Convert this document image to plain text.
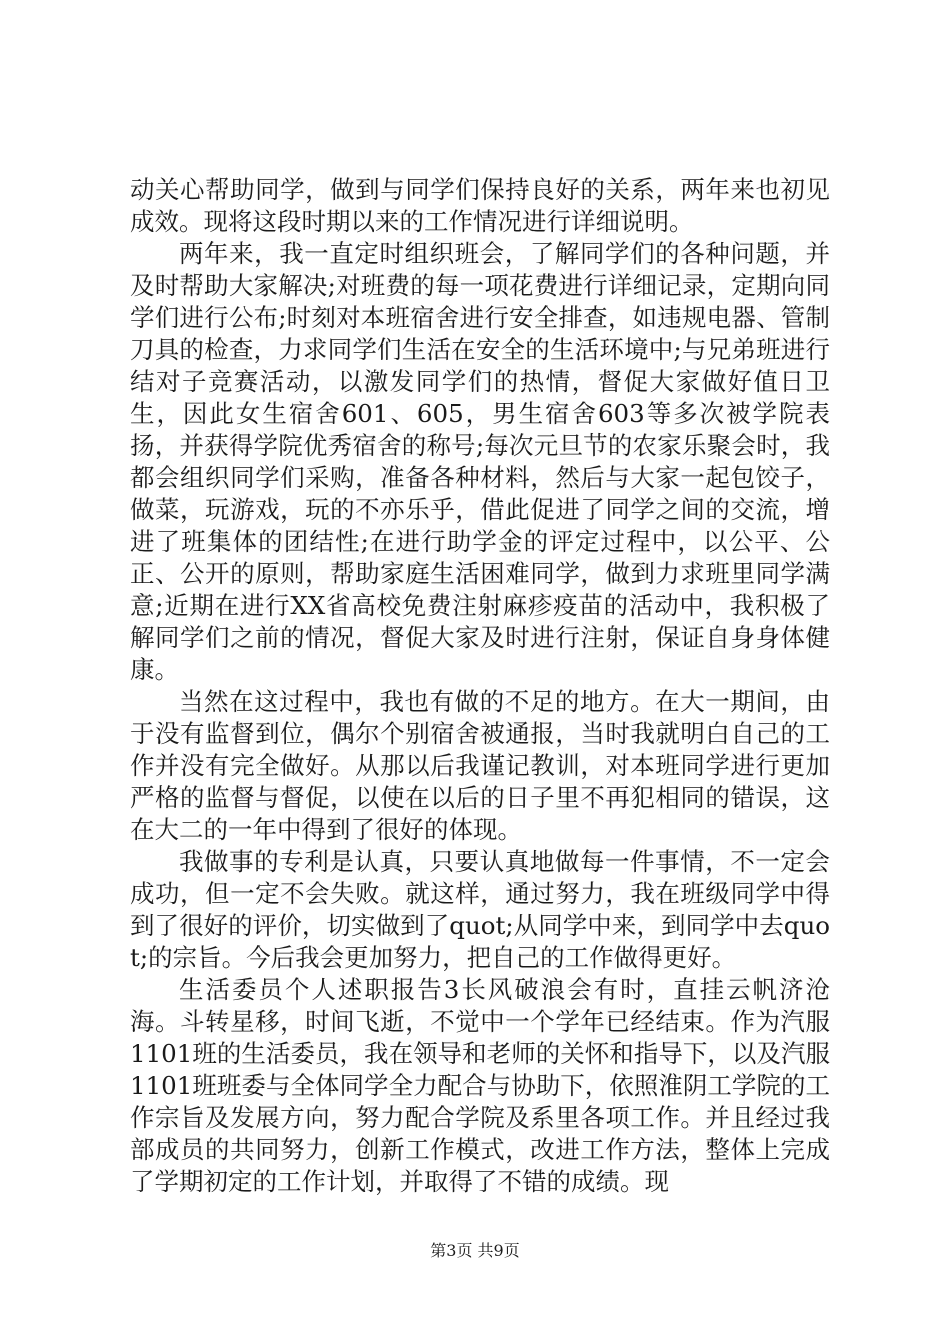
动关心帮助同学，做到与同学们保持良好的关系，两年来也初见成效。现将这段时期以来的工作情况进行详细说明。

两年来，我一直定时组织班会，了解同学们的各种问题，并及时帮助大家解决;对班费的每一项花费进行详细记录，定期向同学们进行公布;时刻对本班宿舍进行安全排查，如违规电器、管制刀具的检查，力求同学们生活在安全的生活环境中;与兄弟班进行结对子竞赛活动，以激发同学们的热情，督促大家做好值日卫生，因此女生宿舍601、605，男生宿舍603等多次被学院表扬，并获得学院优秀宿舍的称号;每次元旦节的农家乐聚会时，我都会组织同学们采购，准备各种材料，然后与大家一起包饺子，做菜，玩游戏，玩的不亦乐乎，借此促进了同学之间的交流，增进了班集体的团结性;在进行助学金的评定过程中，以公平、公正、公开的原则，帮助家庭生活困难同学，做到力求班里同学满意;近期在进行XX省高校免费注射麻疹疫苗的活动中，我积极了解同学们之前的情况，督促大家及时进行注射，保证自身身体健康。

当然在这过程中，我也有做的不足的地方。在大一期间，由于没有监督到位，偶尔个别宿舍被通报，当时我就明白自己的工作并没有完全做好。从那以后我谨记教训，对本班同学进行更加严格的监督与督促，以使在以后的日子里不再犯相同的错误，这在大二的一年中得到了很好的体现。

我做事的专利是认真，只要认真地做每一件事情，不一定会成功，但一定不会失败。就这样，通过努力，我在班级同学中得到了很好的评价，切实做到了quot;从同学中来，到同学中去quot;的宗旨。今后我会更加努力，把自己的工作做得更好。

生活委员个人述职报告3长风破浪会有时，直挂云帆济沧海。斗转星移，时间飞逝，不觉中一个学年已经结束。作为汽服1101班的生活委员，我在领导和老师的关怀和指导下，以及汽服1101班班委与全体同学全力配合与协助下，依照淮阴工学院的工作宗旨及发展方向，努力配合学院及系里各项工作。并且经过我部成员的共同努力，创新工作模式，改进工作方法，整体上完成了学期初定的工作计划，并取得了不错的成绩。现

第3页 共9页
